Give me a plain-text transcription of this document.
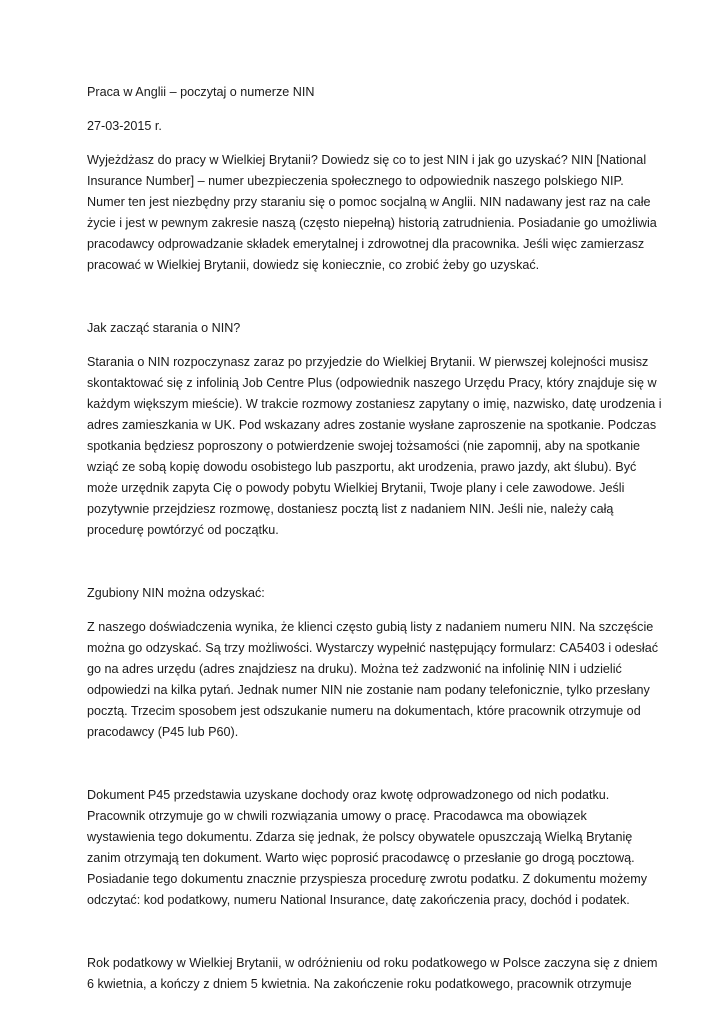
Praca w Anglii – poczytaj o numerze NIN

27-03-2015 r.

Wyjeżdżasz do pracy w Wielkiej Brytanii? Dowiedz się co to jest NIN i jak go uzyskać? NIN [National

Insurance Number] – numer ubezpieczenia społecznego to odpowiednik naszego polskiego NIP.

Numer ten jest niezbędny przy staraniu się o pomoc socjalną w Anglii. NIN nadawany jest raz na całe

życie i jest w pewnym zakresie naszą (często niepełną) historią zatrudnienia. Posiadanie go umożliwia

pracodawcy odprowadzanie składek emerytalnej i zdrowotnej dla pracownika. Jeśli więc zamierzasz

pracować w Wielkiej Brytanii, dowiedz się koniecznie, co zrobić żeby go uzyskać.

Jak zacząć starania o NIN?

Starania o NIN rozpoczynasz zaraz po przyjedzie do Wielkiej Brytanii. W pierwszej kolejności musisz

skontaktować się z infolinią Job Centre Plus (odpowiednik naszego Urzędu Pracy, który znajduje się w

każdym większym mieście). W trakcie rozmowy zostaniesz zapytany o imię, nazwisko, datę urodzenia i

adres zamieszkania w UK. Pod wskazany adres zostanie wysłane zaproszenie na spotkanie. Podczas

spotkania będziesz poproszony o potwierdzenie swojej tożsamości (nie zapomnij, aby na spotkanie

wziąć ze sobą kopię dowodu osobistego lub paszportu, akt urodzenia, prawo jazdy, akt ślubu). Być

może urzędnik zapyta Cię o powody pobytu Wielkiej Brytanii, Twoje plany i cele zawodowe. Jeśli

pozytywnie przejdziesz rozmowę, dostaniesz pocztą list z nadaniem NIN. Jeśli nie, należy całą

procedurę powtórzyć od początku.

Zgubiony NIN można odzyskać:

Z naszego doświadczenia wynika, że klienci często gubią listy z nadaniem numeru NIN. Na szczęście

można go odzyskać. Są trzy możliwości. Wystarczy wypełnić następujący formularz: CA5403 i odesłać

go na adres urzędu (adres znajdziesz na druku). Można też zadzwonić na infolinię NIN i udzielić

odpowiedzi na kilka pytań. Jednak numer NIN nie zostanie nam podany telefonicznie, tylko przesłany

pocztą. Trzecim sposobem jest odszukanie numeru na dokumentach, które pracownik otrzymuje od

pracodawcy (P45 lub P60).

Dokument P45 przedstawia uzyskane dochody oraz kwotę odprowadzonego od nich podatku.

Pracownik otrzymuje go w chwili rozwiązania umowy o pracę. Pracodawca ma obowiązek

wystawienia tego dokumentu. Zdarza się jednak, że polscy obywatele opuszczają Wielką Brytanię

zanim otrzymają ten dokument. Warto więc poprosić pracodawcę o przesłanie go drogą pocztową.

Posiadanie tego dokumentu znacznie przyspiesza procedurę zwrotu podatku. Z dokumentu możemy

odczytać: kod podatkowy, numeru National Insurance, datę zakończenia pracy, dochód i podatek.

Rok podatkowy w Wielkiej Brytanii, w odróżnieniu od roku podatkowego w Polsce zaczyna się z dniem

6 kwietnia, a kończy z dniem 5 kwietnia. Na zakończenie roku podatkowego, pracownik otrzymuje
